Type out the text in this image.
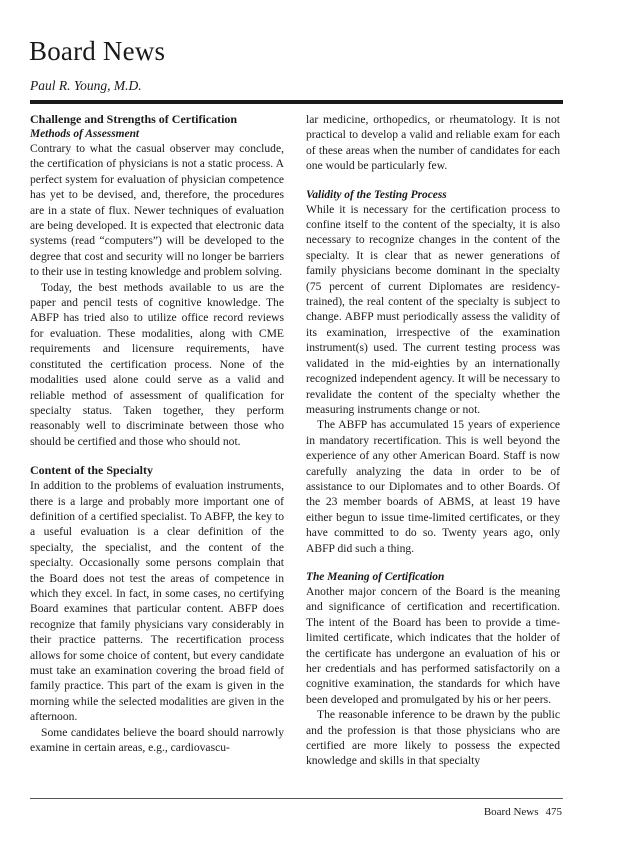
Board News
Paul R. Young, M.D.
Challenge and Strengths of Certification
Methods of Assessment

Contrary to what the casual observer may conclude, the certification of physicians is not a static process. A perfect system for evaluation of physician competence has yet to be devised, and, therefore, the procedures are in a state of flux. Newer techniques of evaluation are being developed. It is expected that electronic data systems (read “computers”) will be developed to the degree that cost and security will no longer be barriers to their use in testing knowledge and problem solving.

Today, the best methods available to us are the paper and pencil tests of cognitive knowledge. The ABFP has tried also to utilize office record reviews for evaluation. These modalities, along with CME requirements and licensure requirements, have constituted the certification process. None of the modalities used alone could serve as a valid and reliable method of assessment of qualification for specialty status. Taken together, they perform reasonably well to discriminate between those who should be certified and those who should not.

Content of the Specialty

In addition to the problems of evaluation instruments, there is a large and probably more important one of definition of a certified specialist. To ABFP, the key to a useful evaluation is a clear definition of the specialty, the specialist, and the content of the specialty. Occasionally some persons complain that the Board does not test the areas of competence in which they excel. In fact, in some cases, no certifying Board examines that particular content. ABFP does recognize that family physicians vary considerably in their practice patterns. The recertification process allows for some choice of content, but every candidate must take an examination covering the broad field of family practice. This part of the exam is given in the morning while the selected modalities are given in the afternoon.

Some candidates believe the board should narrowly examine in certain areas, e.g., cardiovascu-

lar medicine, orthopedics, or rheumatology. It is not practical to develop a valid and reliable exam for each of these areas when the number of candidates for each one would be particularly few.

Validity of the Testing Process

While it is necessary for the certification process to confine itself to the content of the specialty, it is also necessary to recognize changes in the content of the specialty. It is clear that as newer generations of family physicians become dominant in the specialty (75 percent of current Diplomates are residency-trained), the real content of the specialty is subject to change. ABFP must periodically assess the validity of its examination, irrespective of the examination instrument(s) used. The current testing process was validated in the mid-eighties by an internationally recognized independent agency. It will be necessary to revalidate the content of the specialty whether the measuring instruments change or not.

The ABFP has accumulated 15 years of experience in mandatory recertification. This is well beyond the experience of any other American Board. Staff is now carefully analyzing the data in order to be of assistance to our Diplomates and to other Boards. Of the 23 member boards of ABMS, at least 19 have either begun to issue time-limited certificates, or they have committed to do so. Twenty years ago, only ABFP did such a thing.

The Meaning of Certification

Another major concern of the Board is the meaning and significance of certification and recertification. The intent of the Board has been to provide a time-limited certificate, which indicates that the holder of the certificate has undergone an evaluation of his or her credentials and has performed satisfactorily on a cognitive examination, the standards for which have been developed and promulgated by his or her peers.

The reasonable inference to be drawn by the public and the profession is that those physicians who are certified are more likely to possess the expected knowledge and skills in that specialty

Board News 475
